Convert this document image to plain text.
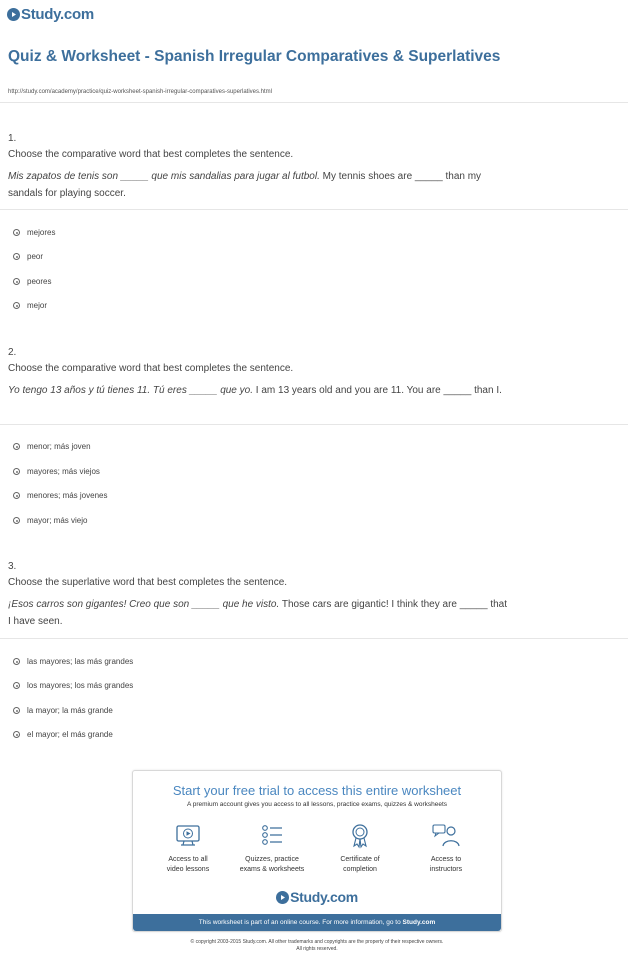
Study.com
Quiz & Worksheet - Spanish Irregular Comparatives & Superlatives
http://study.com/academy/practice/quiz-worksheet-spanish-irregular-comparatives-superlatives.html
1.
Choose the comparative word that best completes the sentence.
Mis zapatos de tenis son _____ que mis sandalias para jugar al futbol. My tennis shoes are _____ than my sandals for playing soccer.
mejores
peor
peores
mejor
2.
Choose the comparative word that best completes the sentence.
Yo tengo 13 años y tú tienes 11. Tú eres _____ que yo. I am 13 years old and you are 11. You are _____ than I.
menor; más joven
mayores; más viejos
menores; más jovenes
mayor; más viejo
3.
Choose the superlative word that best completes the sentence.
¡Esos carros son gigantes! Creo que son _____ que he visto. Those cars are gigantic! I think they are _____ that I have seen.
las mayores; las más grandes
los mayores; los más grandes
la mayor; la más grande
el mayor; el más grande
Start your free trial to access this entire worksheet
A premium account gives you access to all lessons, practice exams, quizzes & worksheets
Access to all
video lessons
Quizzes, practice
exams & worksheets
Certificate of
completion
Access to
instructors
Study.com
This worksheet is part of an online course. For more information, go to Study.com
© copyright 2003-2015 Study.com. All other trademarks and copyrights are the property of their respective owners.
All rights reserved.
